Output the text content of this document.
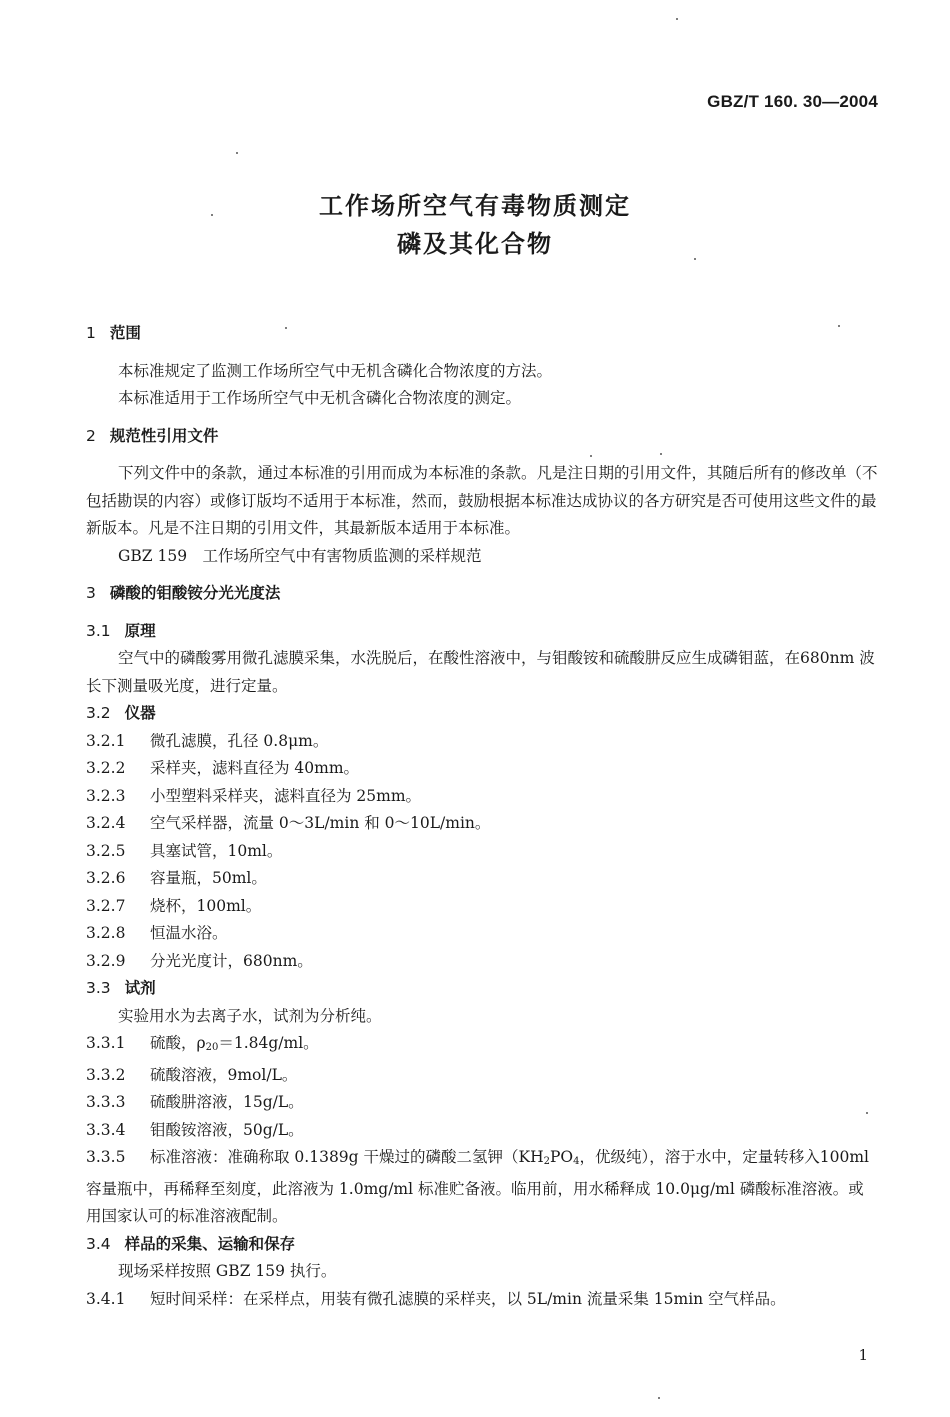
GBZ/T 160. 30—2004
工作场所空气有毒物质测定
磷及其化合物

1 范围

本标准规定了监测工作场所空气中无机含磷化合物浓度的方法。

本标准适用于工作场所空气中无机含磷化合物浓度的测定。

2 规范性引用文件

下列文件中的条款，通过本标准的引用而成为本标准的条款。凡是注日期的引用文件，其随后所有的修改单（不包括勘误的内容）或修订版均不适用于本标准，然而，鼓励根据本标准达成协议的各方研究是否可使用这些文件的最新版本。凡是不注日期的引用文件，其最新版本适用于本标准。

GBZ 159　工作场所空气中有害物质监测的采样规范

3 磷酸的钼酸铵分光光度法

3.1 原理

空气中的磷酸雾用微孔滤膜采集，水洗脱后，在酸性溶液中，与钼酸铵和硫酸肼反应生成磷钼蓝，在680nm 波长下测量吸光度，进行定量。

3.2 仪器

3.2.1 微孔滤膜，孔径 0.8μm。

3.2.2 采样夹，滤料直径为 40mm。

3.2.3 小型塑料采样夹，滤料直径为 25mm。

3.2.4 空气采样器，流量 0～3L/min 和 0～10L/min。

3.2.5 具塞试管，10ml。

3.2.6 容量瓶，50ml。

3.2.7 烧杯，100ml。

3.2.8 恒温水浴。

3.2.9 分光光度计，680nm。

3.3 试剂

实验用水为去离子水，试剂为分析纯。

3.3.1 硫酸，$\rho_{20}=1.84g/ml$。

3.3.2 硫酸溶液，9mol/L。

3.3.3 硫酸肼溶液，15g/L。

3.3.4 钼酸铵溶液，50g/L。

3.3.5 标准溶液：准确称取 0.1389g 干燥过的磷酸二氢钾（$KH_2PO_4$，优级纯），溶于水中，定量转移入100ml 容量瓶中，再稀释至刻度，此溶液为 1.0mg/ml 标准贮备液。临用前，用水稀释成 10.0μg/ml 磷酸标准溶液。或用国家认可的标准溶液配制。

3.4 样品的采集、运输和保存

现场采样按照 GBZ 159 执行。

3.4.1 短时间采样：在采样点，用装有微孔滤膜的采样夹，以 5L/min 流量采集 15min 空气样品。

1
